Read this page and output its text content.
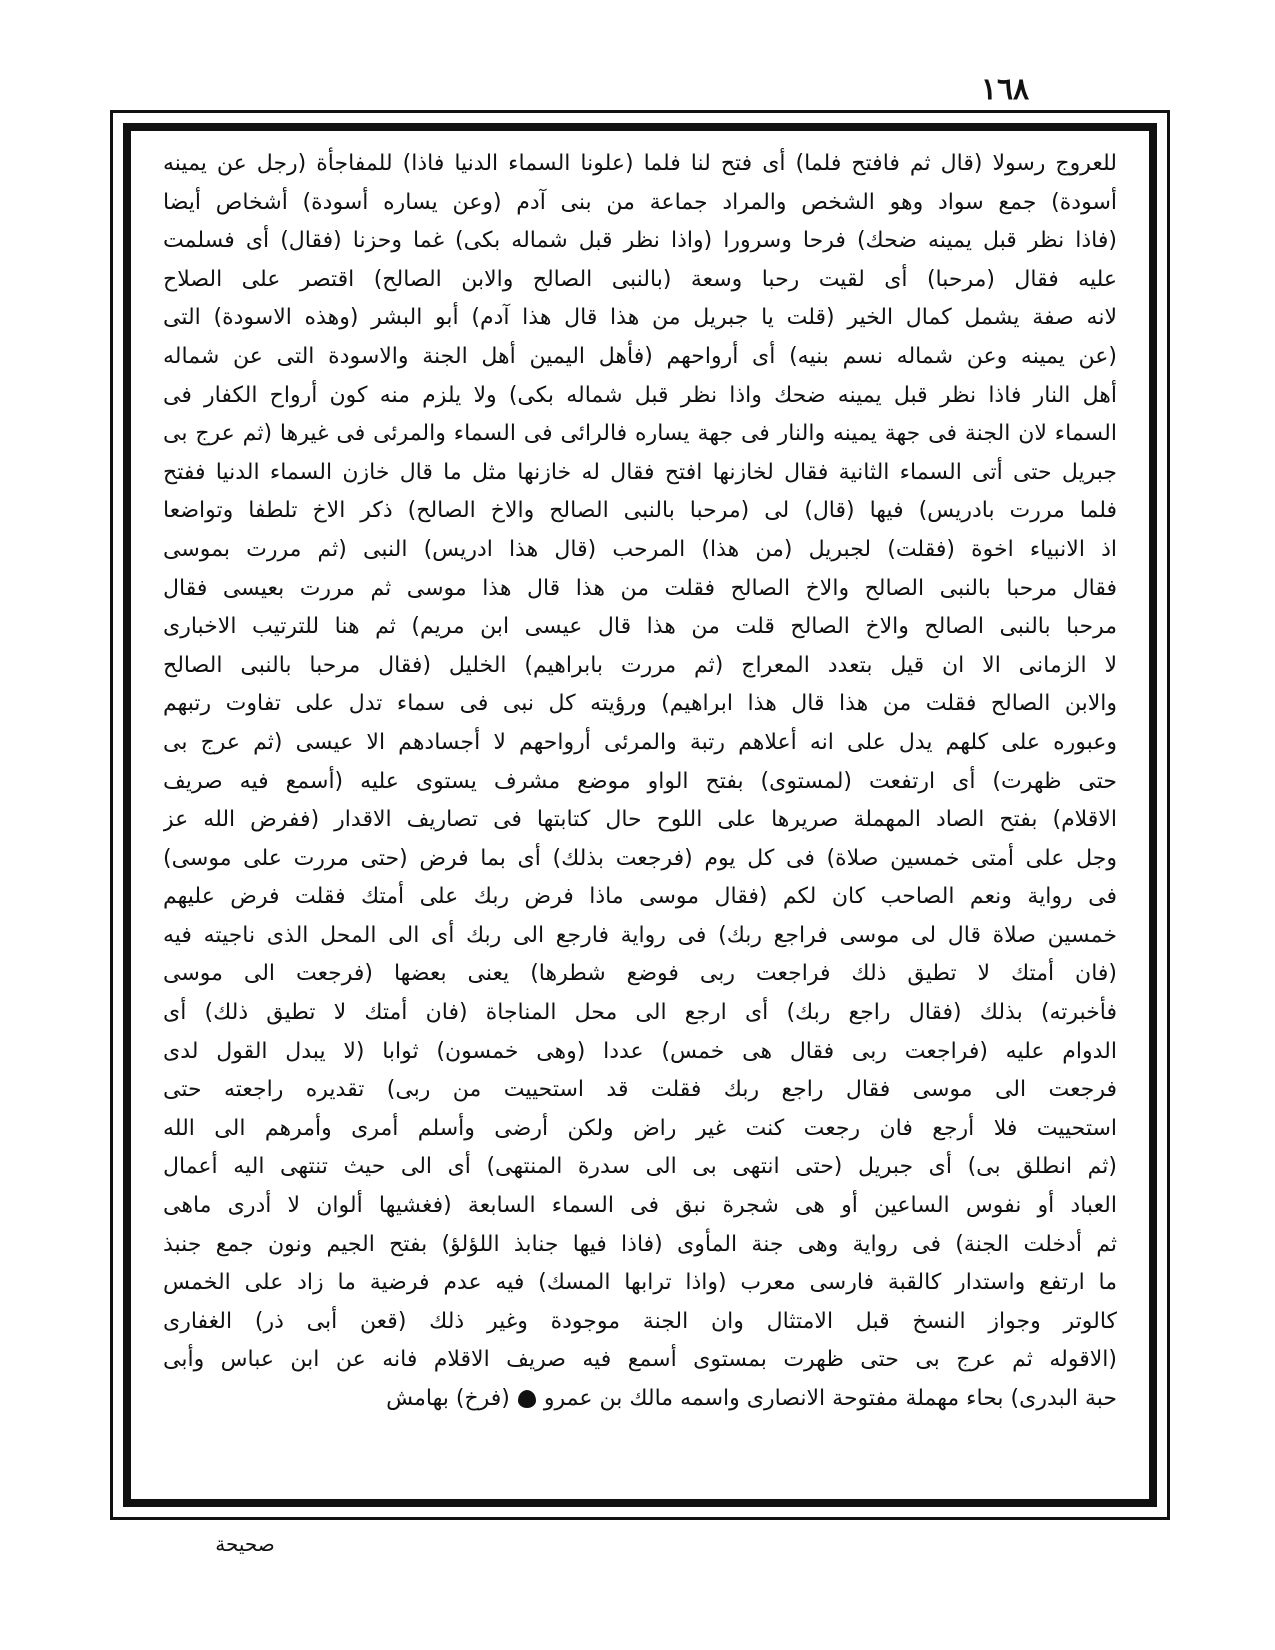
١٦٨
للعروج رسولا (قال ثم فافتح فلما) أى فتح لنا فلما (علونا السماء الدنيا فاذا) للمفاجأة (رجل عن يمينه
أسودة) جمع سواد وهو الشخص والمراد جماعة من بنى آدم (وعن يساره أسودة) أشخاص أيضا
(فاذا نظر قبل يمينه ضحك) فرحا وسرورا (واذا نظر قبل شماله بكى) غما وحزنا (فقال) أى فسلمت
عليه فقال (مرحبا) أى لقيت رحبا وسعة (بالنبى الصالح والابن الصالح) اقتصر على الصلاح
لانه صفة يشمل كمال الخير (قلت يا جبريل من هذا قال هذا آدم) أبو البشر (وهذه الاسودة) التى
(عن يمينه وعن شماله نسم بنيه) أى أرواحهم (فأهل اليمين أهل الجنة والاسودة التى عن شماله
أهل النار فاذا نظر قبل يمينه ضحك واذا نظر قبل شماله بكى) ولا يلزم منه كون أرواح الكفار فى
السماء لان الجنة فى جهة يمينه والنار فى جهة يساره فالرائى فى السماء والمرئى فى غيرها (ثم عرج بى
جبريل حتى أتى السماء الثانية فقال لخازنها افتح فقال له خازنها مثل ما قال خازن السماء الدنيا ففتح
فلما مررت بادريس) فيها (قال) لى (مرحبا بالنبى الصالح والاخ الصالح) ذكر الاخ تلطفا وتواضعا
اذ الانبياء اخوة (فقلت) لجبريل (من هذا) المرحب (قال هذا ادريس) النبى (ثم مررت بموسى
فقال مرحبا بالنبى الصالح والاخ الصالح فقلت من هذا قال هذا موسى ثم مررت بعيسى فقال
مرحبا بالنبى الصالح والاخ الصالح قلت من هذا قال عيسى ابن مريم) ثم هنا للترتيب الاخبارى
لا الزمانى الا ان قيل بتعدد المعراج (ثم مررت بابراهيم) الخليل (فقال مرحبا بالنبى الصالح
والابن الصالح فقلت من هذا قال هذا ابراهيم) ورؤيته كل نبى فى سماء تدل على تفاوت رتبهم
وعبوره على كلهم يدل على انه أعلاهم رتبة والمرئى أرواحهم لا أجسادهم الا عيسى (ثم عرج بى
حتى ظهرت) أى ارتفعت (لمستوى) بفتح الواو موضع مشرف يستوى عليه (أسمع فيه صريف
الاقلام) بفتح الصاد المهملة صريرها على اللوح حال كتابتها فى تصاريف الاقدار (ففرض الله عز
وجل على أمتى خمسين صلاة) فى كل يوم (فرجعت بذلك) أى بما فرض (حتى مررت على موسى)
فى رواية ونعم الصاحب كان لكم (فقال موسى ماذا فرض ربك على أمتك فقلت فرض عليهم
خمسين صلاة قال لى موسى فراجع ربك) فى رواية فارجع الى ربك أى الى المحل الذى ناجيته فيه
(فان أمتك لا تطيق ذلك فراجعت ربى فوضع شطرها) يعنى بعضها (فرجعت الى موسى
فأخبرته) بذلك (فقال راجع ربك) أى ارجع الى محل المناجاة (فان أمتك لا تطيق ذلك) أى
الدوام عليه (فراجعت ربى فقال هى خمس) عددا (وهى خمسون) ثوابا (لا يبدل القول لدى
فرجعت الى موسى فقال راجع ربك فقلت قد استحييت من ربى) تقديره راجعته حتى
استحييت فلا أرجع فان رجعت كنت غير راض ولكن أرضى وأسلم أمرى وأمرهم الى الله
(ثم انطلق بى) أى جبريل (حتى انتهى بى الى سدرة المنتهى) أى الى حيث تنتهى اليه أعمال
العباد أو نفوس الساعين أو هى شجرة نبق فى السماء السابعة (فغشيها ألوان لا أدرى ماهى
ثم أدخلت الجنة) فى رواية وهى جنة المأوى (فاذا فيها جنابذ اللؤلؤ) بفتح الجيم ونون جمع جنبذ
ما ارتفع واستدار كالقبة فارسى معرب (واذا ترابها المسك) فيه عدم فرضية ما زاد على الخمس
كالوتر وجواز النسخ قبل الامتثال وان الجنة موجودة وغير ذلك (قعن أبى ذر) الغفارى
(الاقوله ثم عرج بى حتى ظهرت بمستوى أسمع فيه صريف الاقلام فانه عن ابن عباس وأبى
حبة البدرى) بحاء مهملة مفتوحة الانصارى واسمه مالك بن عمرو(فرخ) بهامش
صحيحة
